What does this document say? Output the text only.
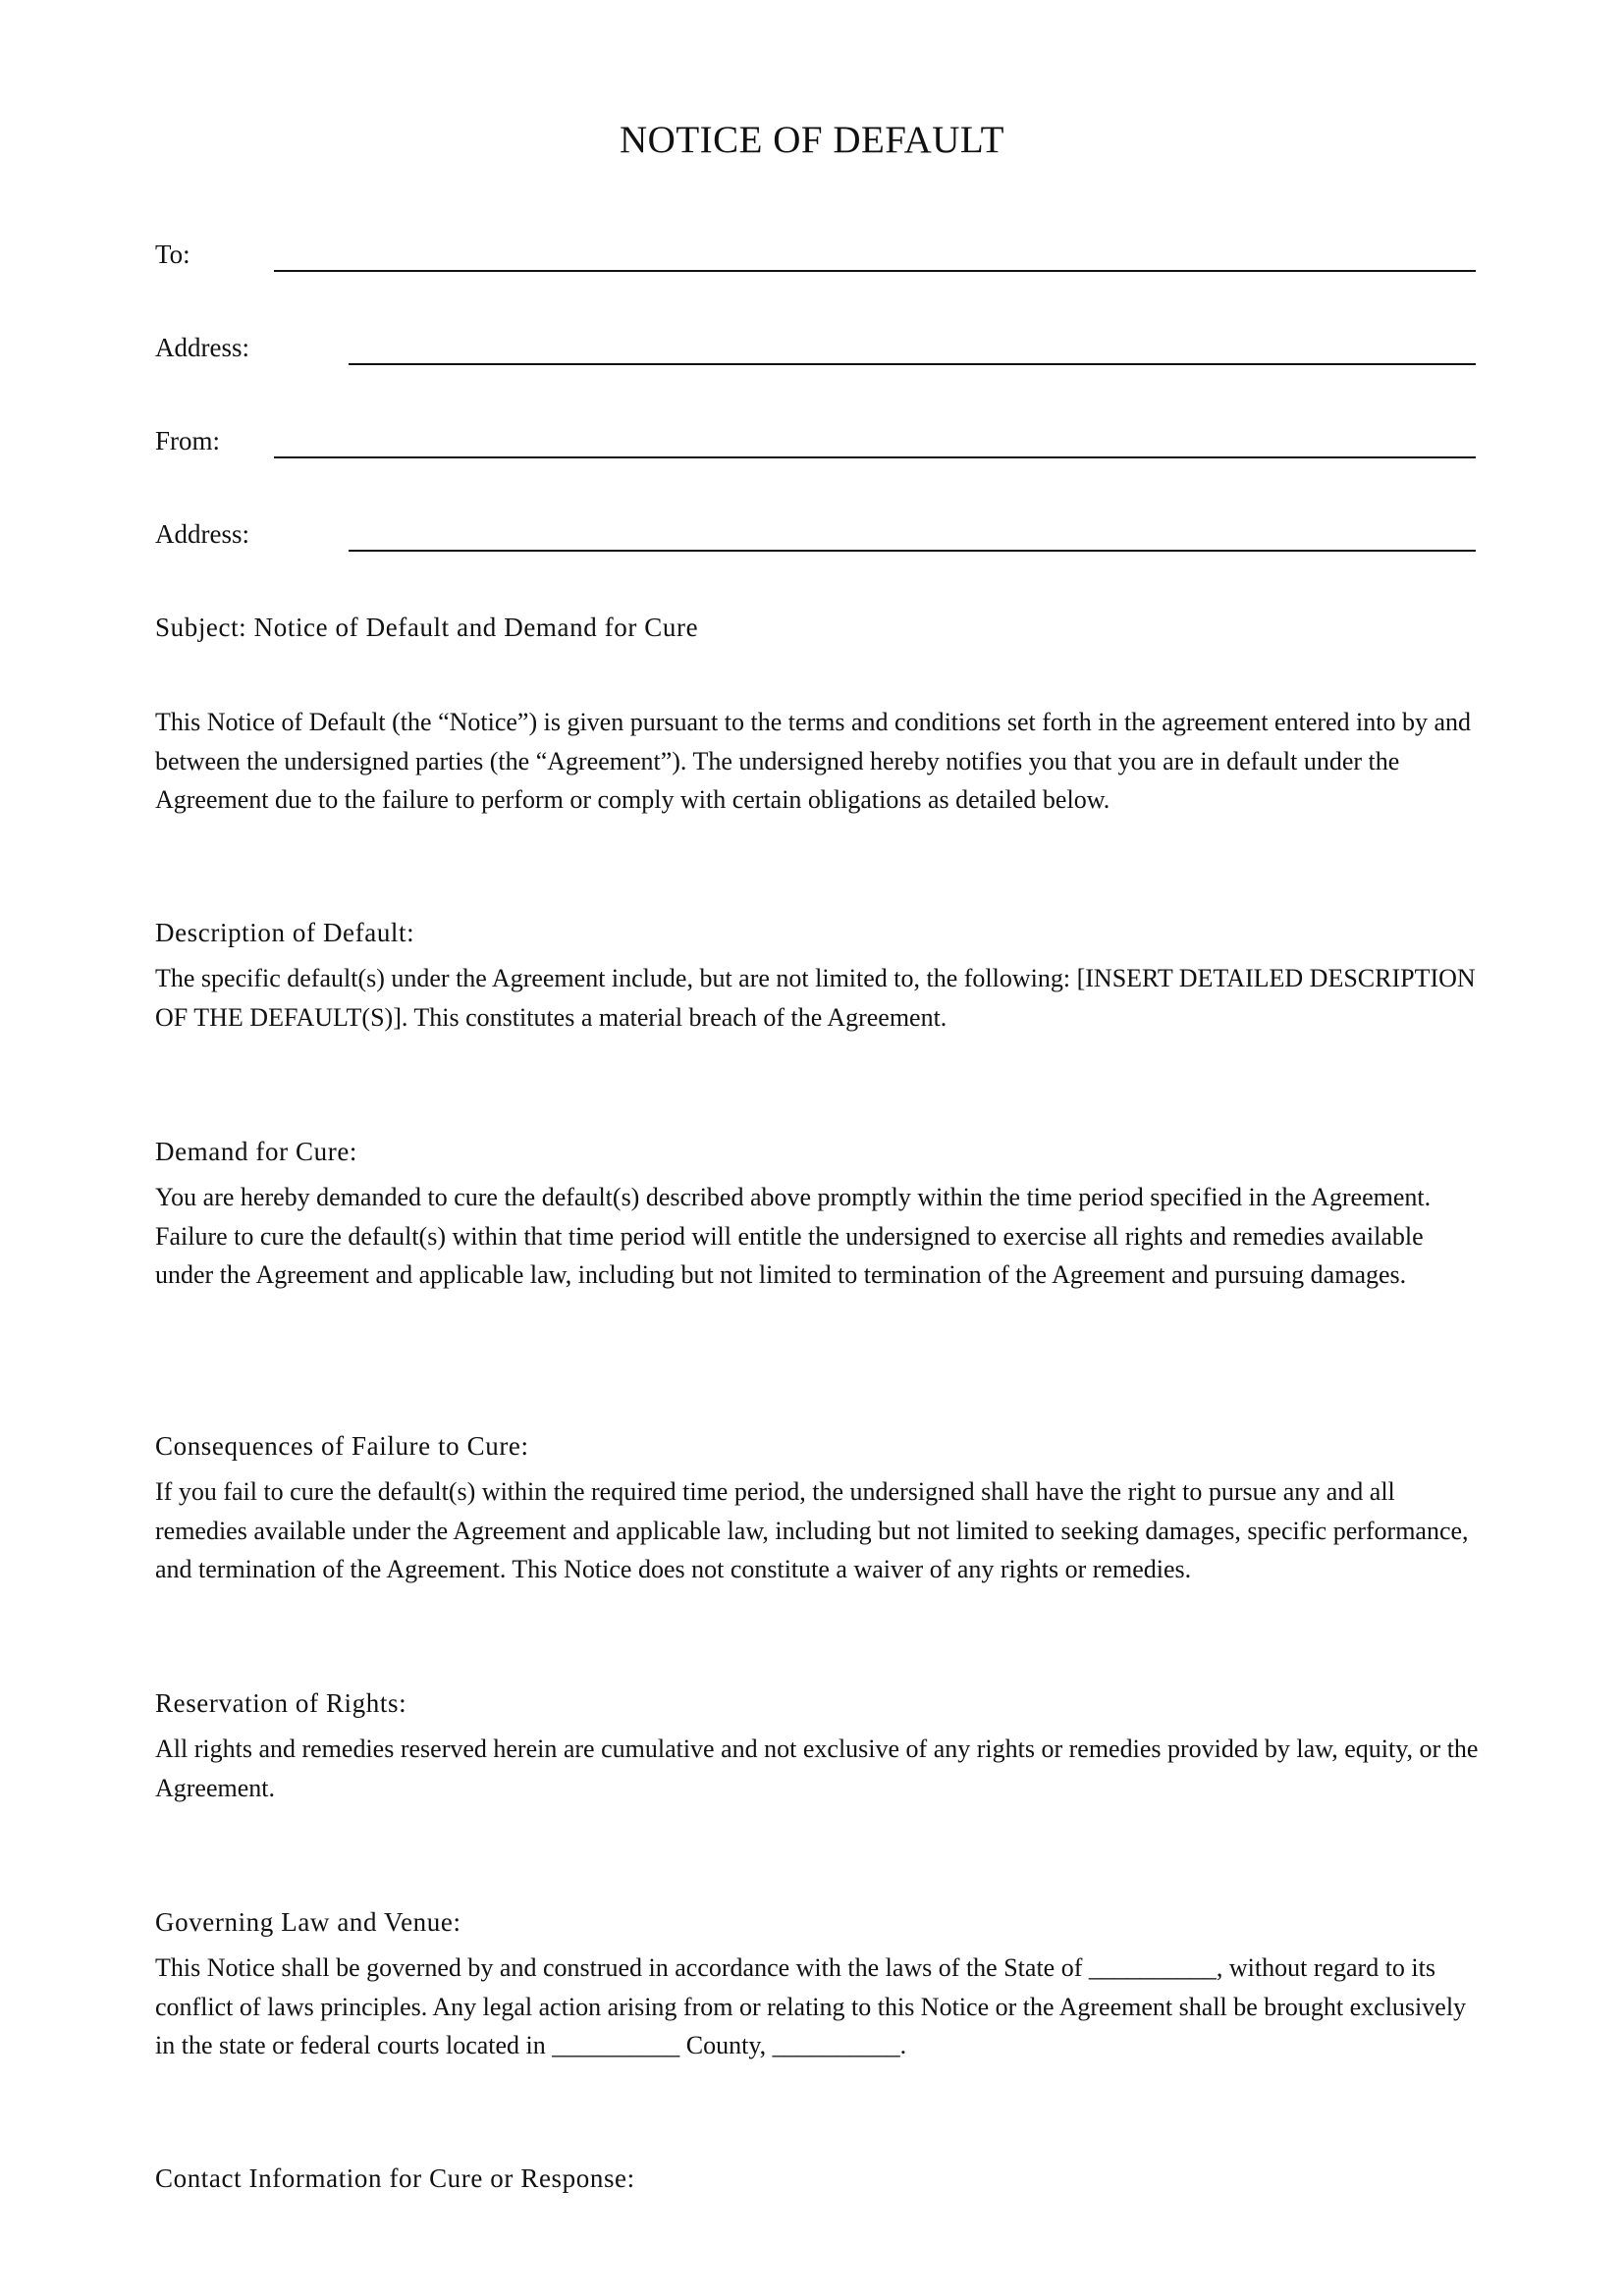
NOTICE OF DEFAULT
To:
Address:
From:
Address:
Subject: Notice of Default and Demand for Cure

This Notice of Default (the “Notice”) is given pursuant to the terms and conditions set forth in the agreement entered into by and between the undersigned parties (the “Agreement”). The undersigned hereby notifies you that you are in default under the Agreement due to the failure to perform or comply with certain obligations as detailed below.

Description of Default:

The specific default(s) under the Agreement include, but are not limited to, the following: [INSERT DETAILED DESCRIPTION OF THE DEFAULT(S)]. This constitutes a material breach of the Agreement.

Demand for Cure:

You are hereby demanded to cure the default(s) described above promptly within the time period specified in the Agreement. Failure to cure the default(s) within that time period will entitle the undersigned to exercise all rights and remedies available under the Agreement and applicable law, including but not limited to termination of the Agreement and pursuing damages.

Consequences of Failure to Cure:

If you fail to cure the default(s) within the required time period, the undersigned shall have the right to pursue any and all remedies available under the Agreement and applicable law, including but not limited to seeking damages, specific performance, and termination of the Agreement. This Notice does not constitute a waiver of any rights or remedies.

Reservation of Rights:

All rights and remedies reserved herein are cumulative and not exclusive of any rights or remedies provided by law, equity, or the Agreement.

Governing Law and Venue:

This Notice shall be governed by and construed in accordance with the laws of the State of __________, without regard to its conflict of laws principles. Any legal action arising from or relating to this Notice or the Agreement shall be brought exclusively in the state or federal courts located in __________ County, __________.

Contact Information for Cure or Response:
